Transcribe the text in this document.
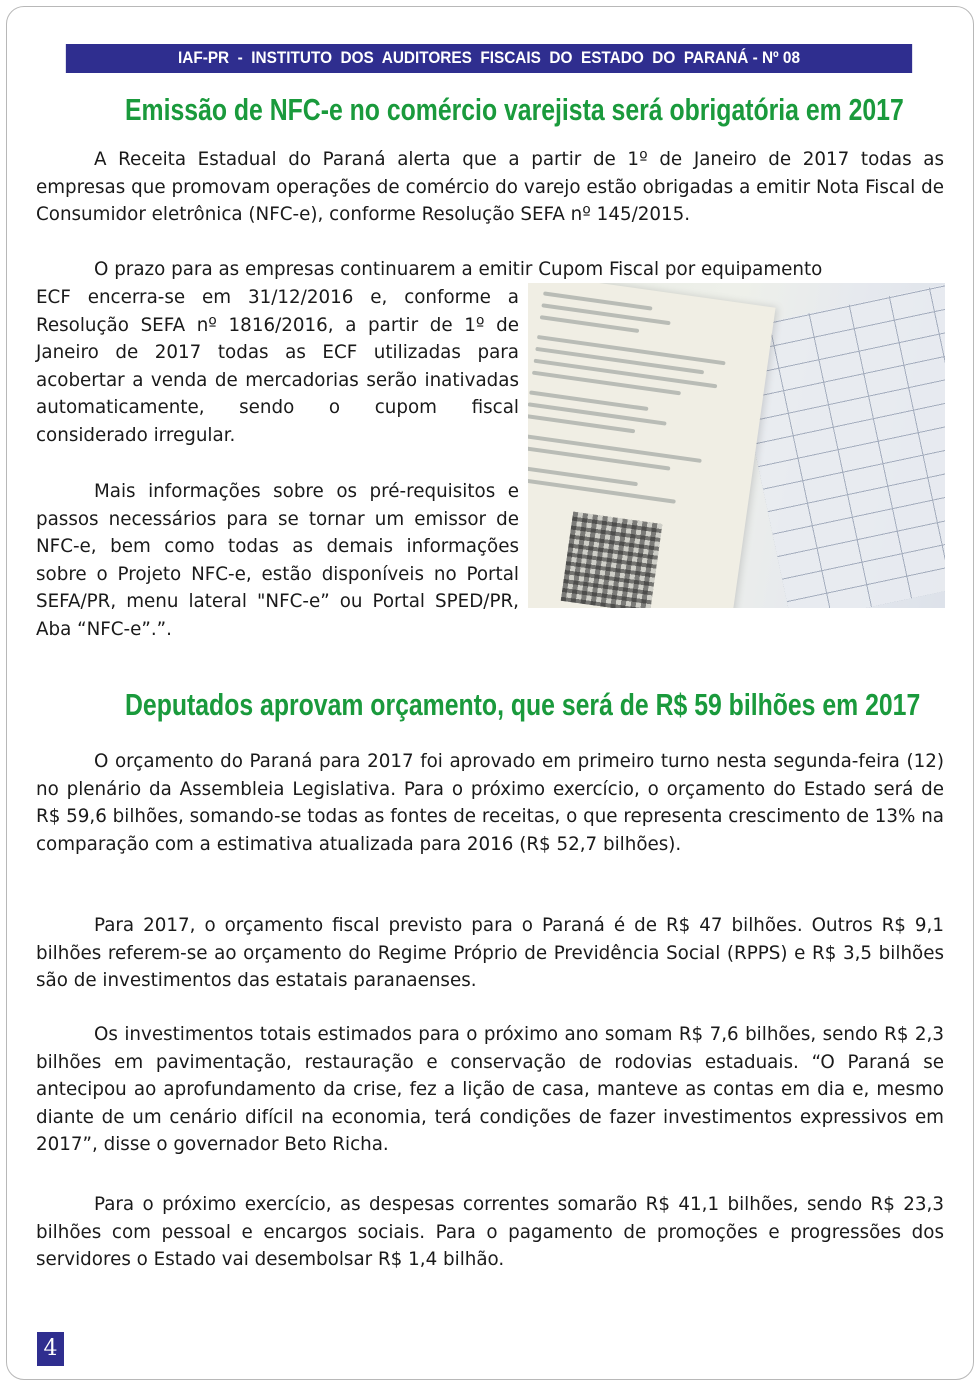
IAF-PR  -  INSTITUTO  DOS  AUDITORES  FISCAIS  DO  ESTADO  DO  PARANÁ - Nº 08
Emissão de NFC-e no comércio varejista será obrigatória em 2017

A Receita Estadual do Paraná alerta que a partir de 1º de Janeiro de 2017 todas as empresas que promovam operações de comércio do varejo estão obrigadas a emitir Nota Fiscal de Consumidor eletrônica (NFC-e), conforme Resolução SEFA nº 145/2015.

O prazo para as empresas continuarem a emitir Cupom Fiscal por equipamento

ECF encerra-se em 31/12/2016 e, conforme a Resolução SEFA nº 1816/2016, a partir de 1º de Janeiro de 2017 todas as ECF utilizadas para acobertar a venda de mercadorias serão inativadas automaticamente, sendo o cupom fiscal considerado irregular.

Mais informações sobre os pré-requisitos e passos necessários para se tornar um emissor de NFC-e, bem como todas as demais informações sobre o Projeto NFC-e, estão disponíveis no Portal SEFA/PR, menu lateral "NFC-e” ou Portal SPED/PR, Aba “NFC-e”.”.

Deputados aprovam orçamento, que será de R$ 59 bilhões em 2017

O orçamento do Paraná para 2017 foi aprovado em primeiro turno nesta segunda-feira (12) no plenário da Assembleia Legislativa. Para o próximo exercício, o orçamento do Estado será de R$ 59,6 bilhões, somando-se todas as fontes de receitas, o que representa crescimento de 13% na comparação com a estimativa atualizada para 2016 (R$ 52,7 bilhões).

Para 2017, o orçamento fiscal previsto para o Paraná é de R$ 47 bilhões. Outros R$ 9,1 bilhões referem-se ao orçamento do Regime Próprio de Previdência Social (RPPS) e R$ 3,5 bilhões são de investimentos das estatais paranaenses.

Os investimentos totais estimados para o próximo ano somam R$ 7,6 bilhões, sendo R$ 2,3 bilhões em pavimentação, restauração e conservação de rodovias estaduais. “O Paraná se antecipou ao aprofundamento da crise, fez a lição de casa, manteve as contas em dia e, mesmo diante de um cenário difícil na economia, terá condições de fazer investimentos expressivos em 2017”, disse o governador Beto Richa.

Para o próximo exercício, as despesas correntes somarão R$ 41,1 bilhões, sendo R$ 23,3 bilhões com pessoal e encargos sociais. Para o pagamento de promoções e progressões dos servidores o Estado vai desembolsar R$ 1,4 bilhão.

4
